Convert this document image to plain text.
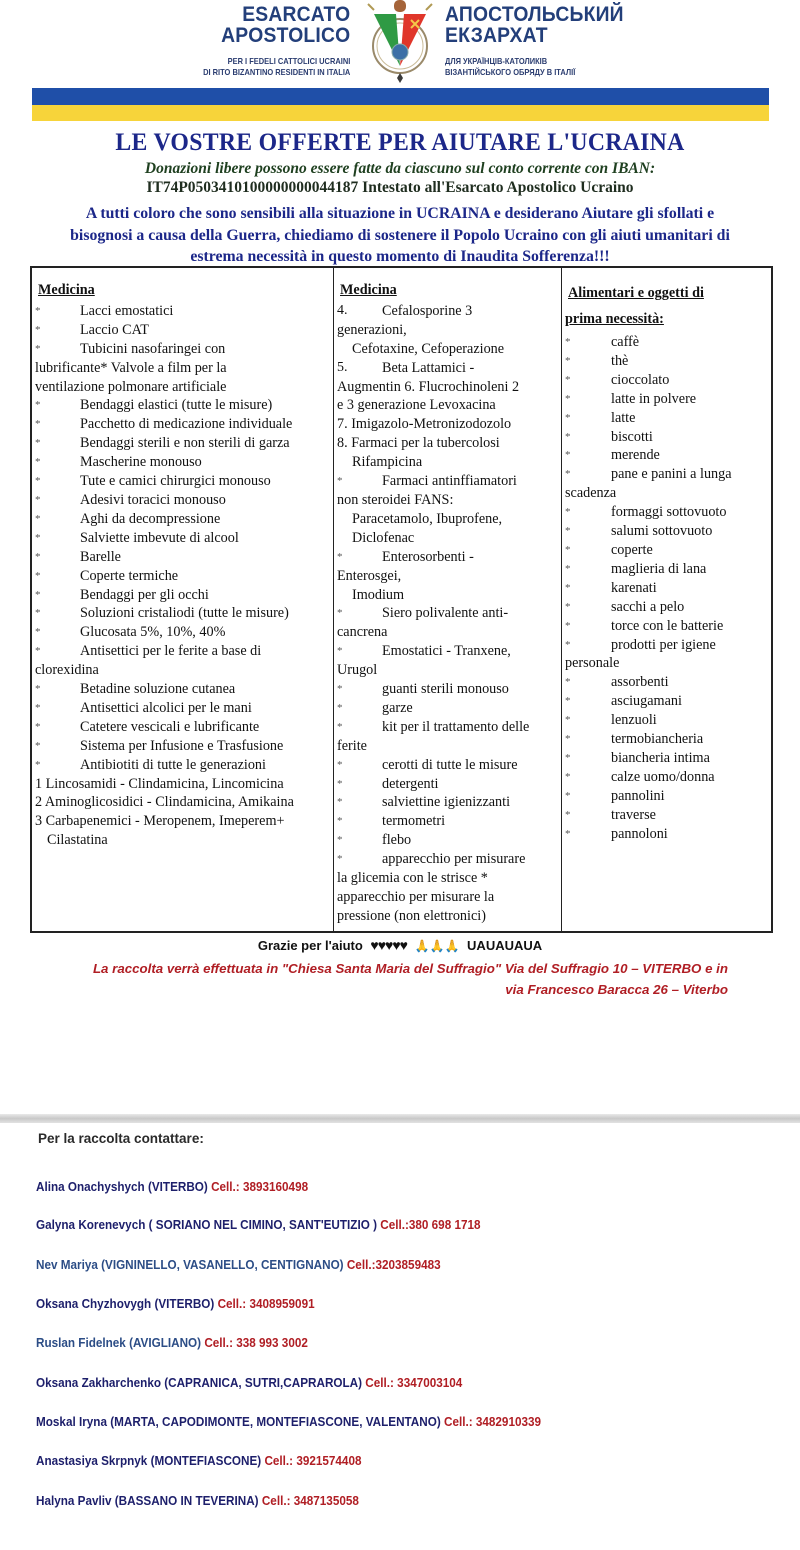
ESARCATO
APOSTOLICO
PER I FEDELI CATTOLICI UCRAINI
DI RITO BIZANTINO RESIDENTI IN ITALIA
АПОСТОЛЬСЬКИЙ
ЕКЗАРХАТ
ДЛЯ УКРАЇНЦІВ-КАТОЛИКІВ
ВІЗАНТІЙСЬКОГО ОБРЯДУ В ІТАЛІЇ
LE VOSTRE OFFERTE PER AIUTARE L'UCRAINA
Donazioni libere possono essere fatte da ciascuno sul conto corrente con IBAN:
IT74P0503410100000000044187 Intestato all'Esarcato Apostolico Ucraino
A tutti coloro che sono sensibili alla situazione in UCRAINA e desiderano Aiutare gli sfollati e bisognosi a causa della Guerra, chiediamo di sostenere il Popolo Ucraino con gli aiuti umanitari di estrema necessità in questo momento di Inaudita Sofferenza!!!
Medicina
*	Lacci emostatici
*	Laccio CAT
*	Tubicini nasofaringei con
lubrificante* Valvole a film per la
ventilazione polmonare artificiale
*	Bendaggi elastici (tutte le misure)
*	Pacchetto di medicazione individuale
*	Bendaggi sterili e non sterili di garza
*	Mascherine monouso
*	Tute e camici chirurgici monouso
*	Adesivi toracici monouso
*	Aghi da decompressione
*	Salviette imbevute di alcool
*	Barelle
*	Coperte termiche
*	Bendaggi per gli occhi
*	Soluzioni cristaliodi (tutte le misure)
*	Glucosata 5%, 10%, 40%
*	Antisettici per le ferite a base di
clorexidina
*	Betadine soluzione cutanea
*	Antisettici alcolici per le mani
*	Catetere vescicali e lubrificante
*	Sistema per Infusione e Trasfusione
*	Antibiotiti di tutte le generazioni
1 Lincosamidi - Clindamicina, Lincomicina
2 Aminoglicosidici - Clindamicina, Amikaina
3 Carbapenemici - Meropenem, Imeperem+
Cilastatina
Medicina
4.	Cefalosporine 3
generazioni,
Cefotaxine, Cefoperazione
5.	Beta Lattamici -
Augmentin 6. Flucrochinoleni 2
e 3 generazione Levoxacina
7. Imigazolo-Metronizodozolo
8. Farmaci per la tubercolosi
Rifampicina
*	Farmaci antinffiamatori
non steroidei FANS:
Paracetamolo, Ibuprofene,
Diclofenac
*	Enterosorbenti -
Enterosgei,
Imodium
*	Siero polivalente anti-
cancrena
*	Emostatici - Tranxene,
Urugol
*	guanti sterili monouso
*	garze
*	kit per il trattamento delle
ferite
*	cerotti di tutte le misure
*	detergenti
*	salviettine igienizzanti
*	termometri
*	flebo
*	apparecchio per misurare
la glicemia con le strisce *
apparecchio per misurare la
pressione (non elettronici)
Alimentari e oggetti di
prima necessità:
*	caffè
*	thè
*	cioccolato
*	latte in polvere
*	latte
*	biscotti
*	merende
*	pane e panini a lunga
scadenza
*	formaggi sottovuoto
*	salumi sottovuoto
*	coperte
*	maglieria di lana
*	karenati
*	sacchi a pelo
*	torce con le batterie
*	prodotti per igiene
personale
*	assorbenti
*	asciugamani
*	lenzuoli
*	termobiancheria
*	biancheria intima
*	calze uomo/donna
*	pannolini
*	traverse
*	pannoloni
Grazie per l'aiuto ♥♥♥♥♥ 🙏🙏🙏 UAUAUAUA
La raccolta verrà effettuata in "Chiesa Santa Maria del Suffragio" Via del Suffragio 10 – VITERBO e in
via Francesco Baracca 26 – Viterbo
Per la raccolta contattare:
Alina Onachyshych (VITERBO) Cell.: 3893160498
Galyna Korenevych ( SORIANO NEL CIMINO, SANT'EUTIZIO ) Cell.:380 698 1718
Nev Mariya (VIGNINELLO, VASANELLO, CENTIGNANO) Cell.:3203859483
Oksana Chyzhovygh (VITERBO) Cell.: 3408959091
Ruslan Fidelnek (AVIGLIANO) Cell.: 338 993 3002
Oksana Zakharchenko (CAPRANICA, SUTRI,CAPRAROLA) Cell.: 3347003104
Moskal Iryna (MARTA, CAPODIMONTE, MONTEFIASCONE, VALENTANO) Cell.: 3482910339
Anastasiya Skrpnyk (MONTEFIASCONE) Cell.: 3921574408
Halyna Pavliv (BASSANO IN TEVERINA) Cell.: 3487135058
